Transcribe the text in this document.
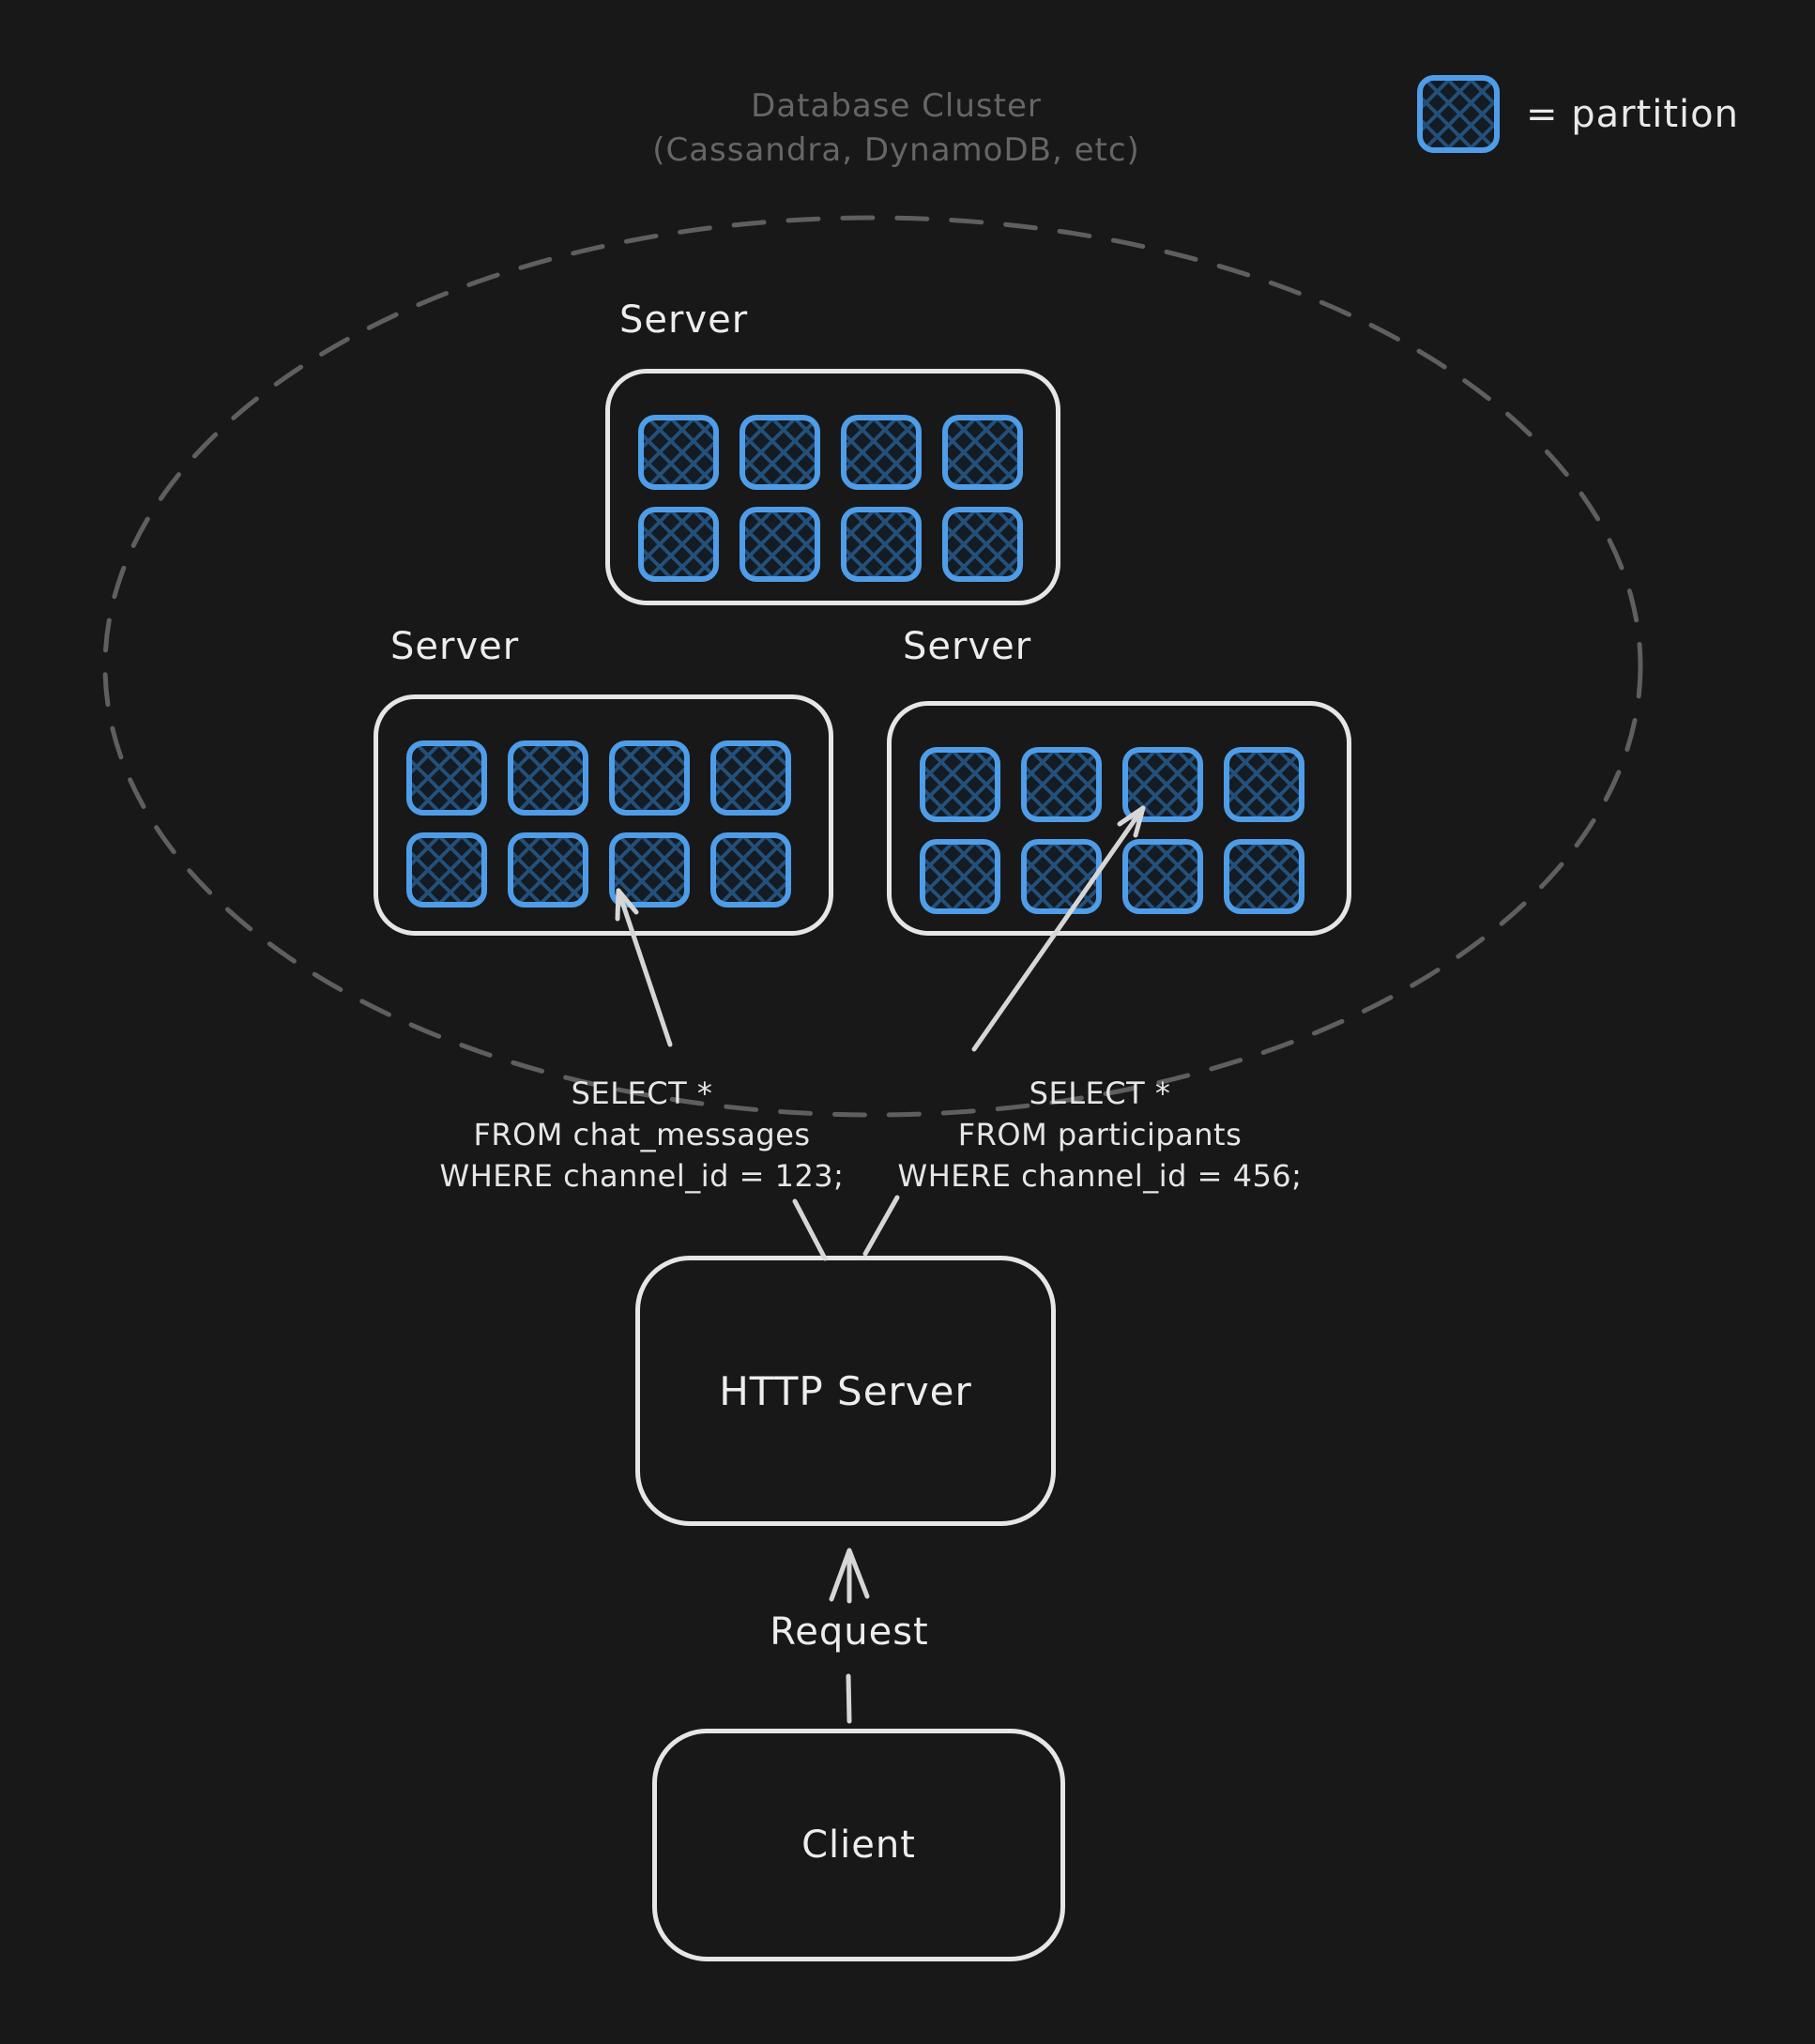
Database Cluster
(Cassandra, DynamoDB, etc)
= partition
Server
Server	Server
SELECT *
FROM chat_messages
WHERE channel_id = 123;
SELECT *
FROM participants
WHERE channel_id = 456;
HTTP Server
Request
Client
